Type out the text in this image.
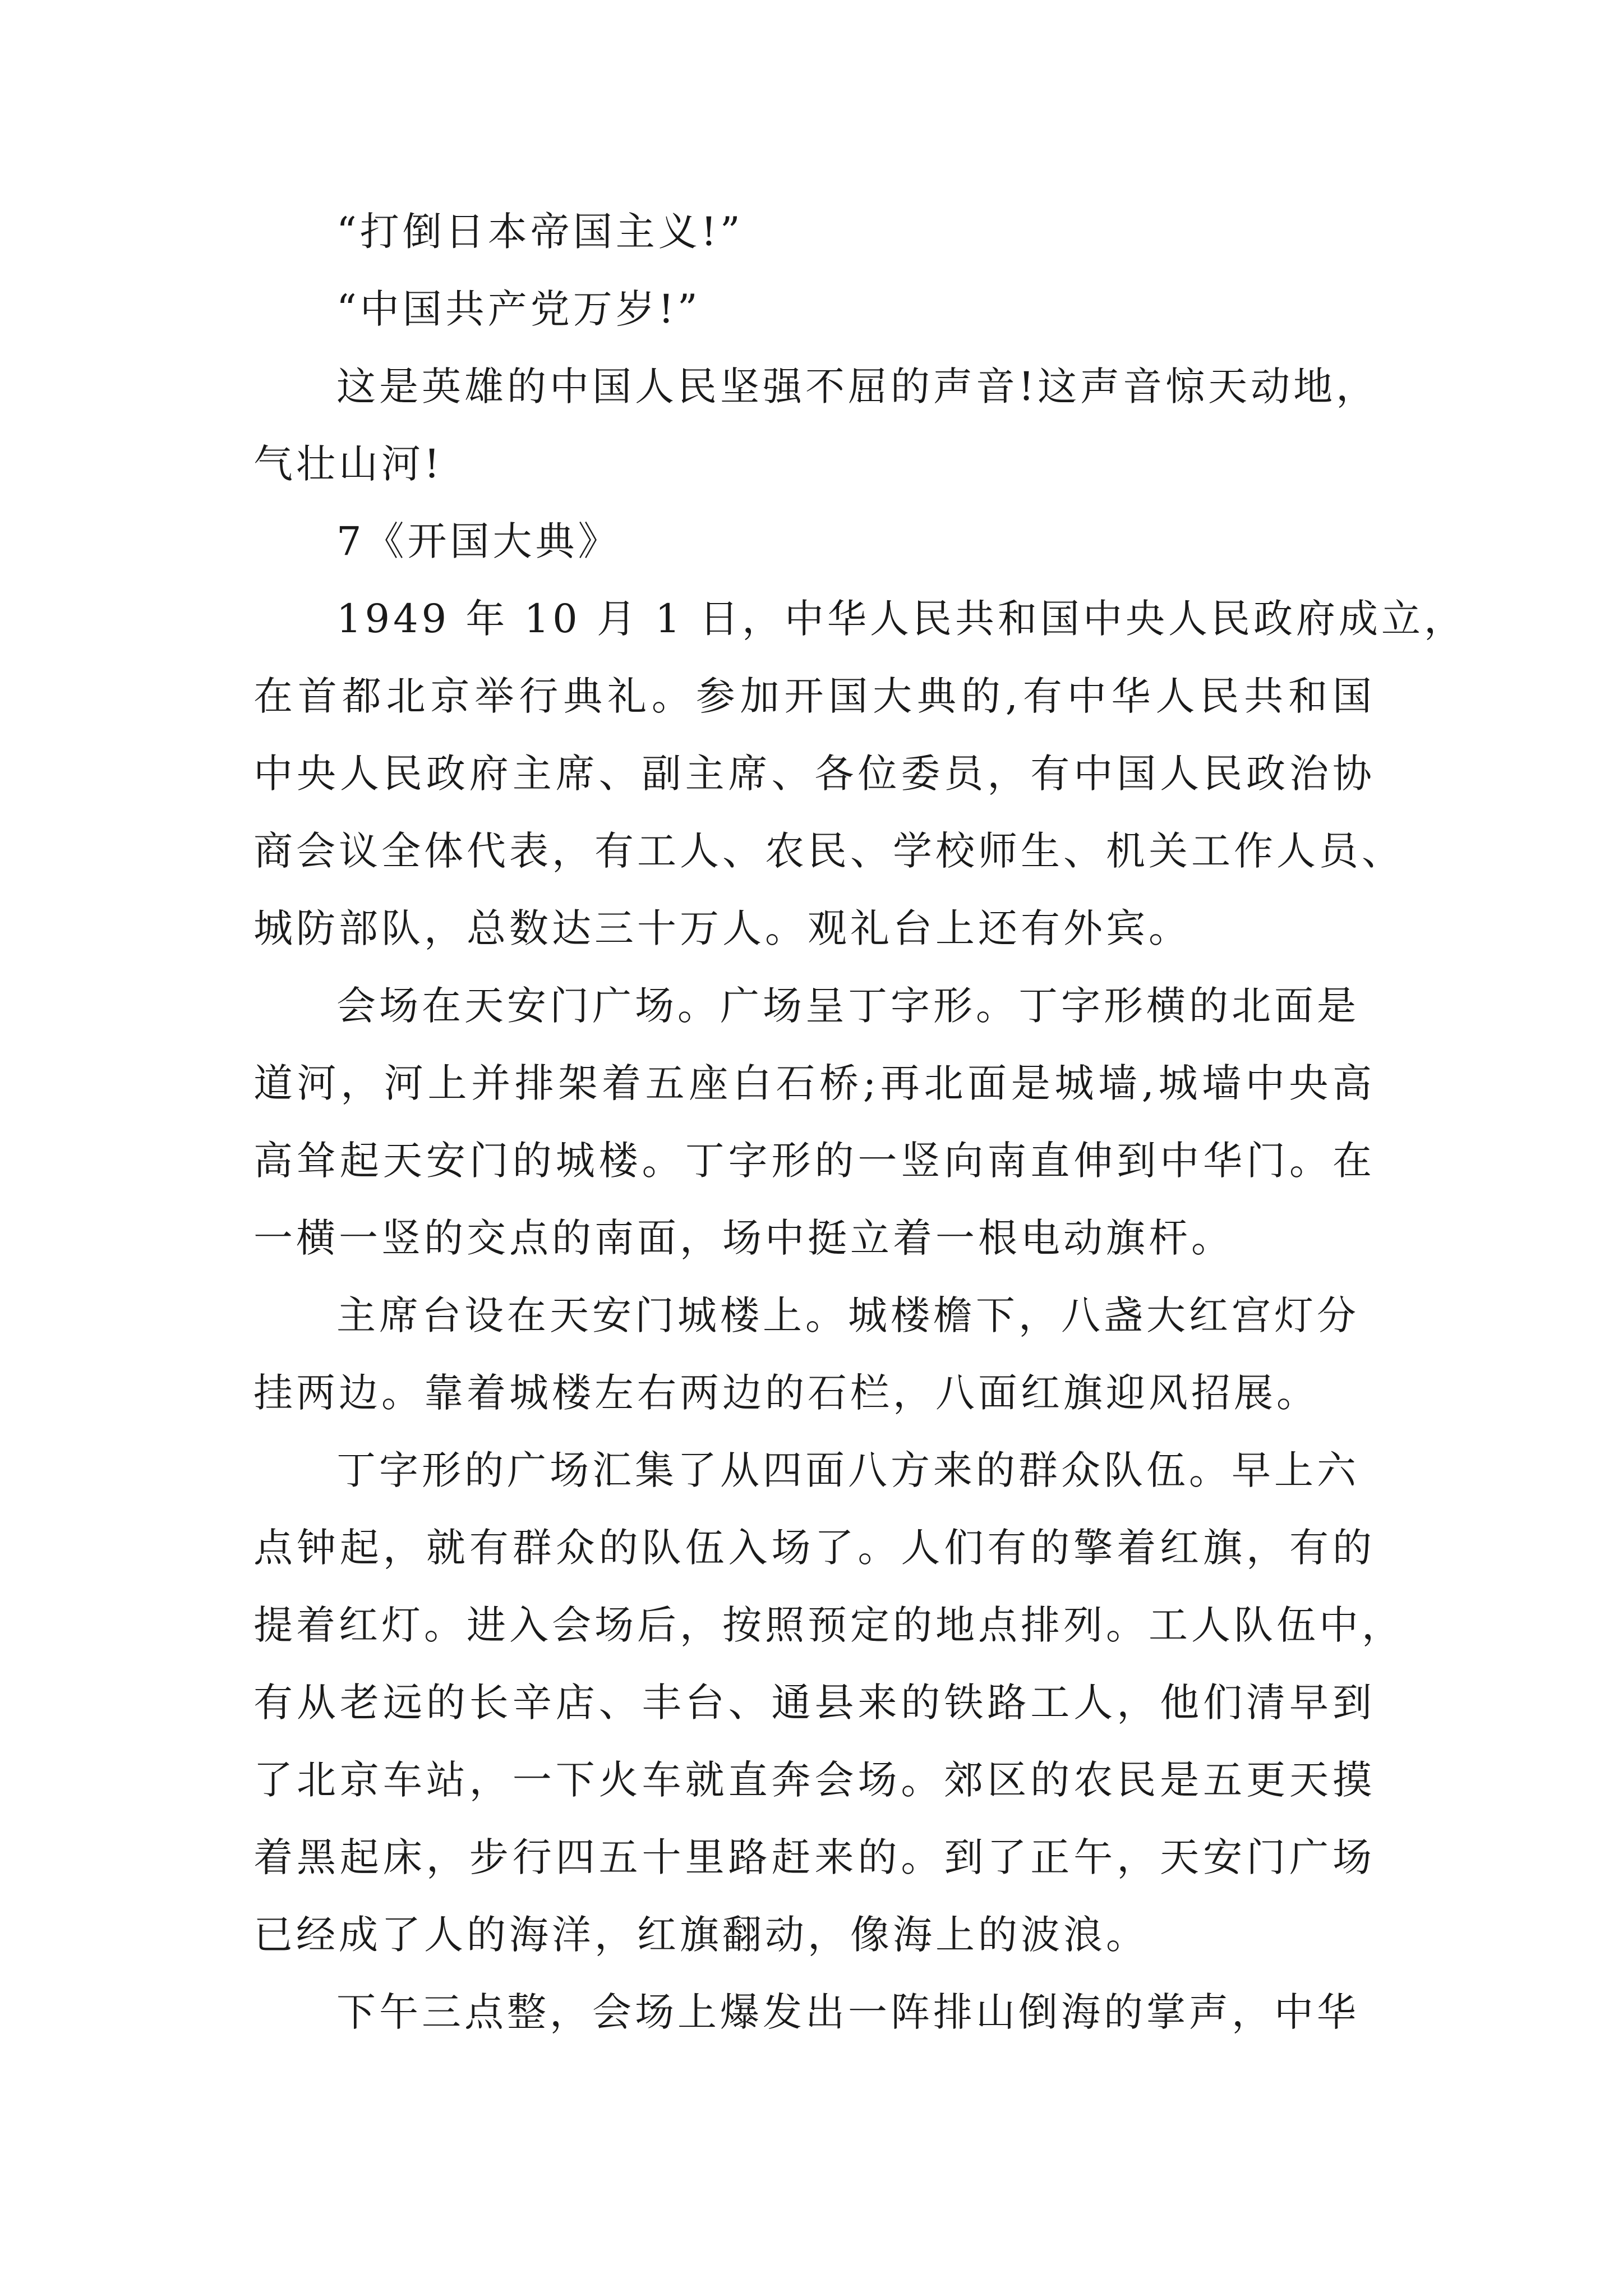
“打倒日本帝国主义!”
“中国共产党万岁!”
这是英雄的中国人民坚强不屈的声音!这声音惊天动地，
气壮山河!
7《开国大典》
1949 年 10 月 1 日，中华人民共和国中央人民政府成立，
在首都北京举行典礼。参加开国大典的,有中华人民共和国
中央人民政府主席、副主席、各位委员，有中国人民政治协
商会议全体代表，有工人、农民、学校师生、机关工作人员、
城防部队，总数达三十万人。观礼台上还有外宾。
会场在天安门广场。广场呈丁字形。丁字形横的北面是
道河，河上并排架着五座白石桥;再北面是城墙,城墙中央高
高耸起天安门的城楼。丁字形的一竖向南直伸到中华门。在
一横一竖的交点的南面，场中挺立着一根电动旗杆。
主席台设在天安门城楼上。城楼檐下，八盏大红宫灯分
挂两边。靠着城楼左右两边的石栏，八面红旗迎风招展。
丁字形的广场汇集了从四面八方来的群众队伍。早上六
点钟起，就有群众的队伍入场了。人们有的擎着红旗，有的
提着红灯。进入会场后，按照预定的地点排列。工人队伍中，
有从老远的长辛店、丰台、通县来的铁路工人，他们清早到
了北京车站，一下火车就直奔会场。郊区的农民是五更天摸
着黑起床，步行四五十里路赶来的。到了正午，天安门广场
已经成了人的海洋，红旗翻动，像海上的波浪。
下午三点整，会场上爆发出一阵排山倒海的掌声，中华
